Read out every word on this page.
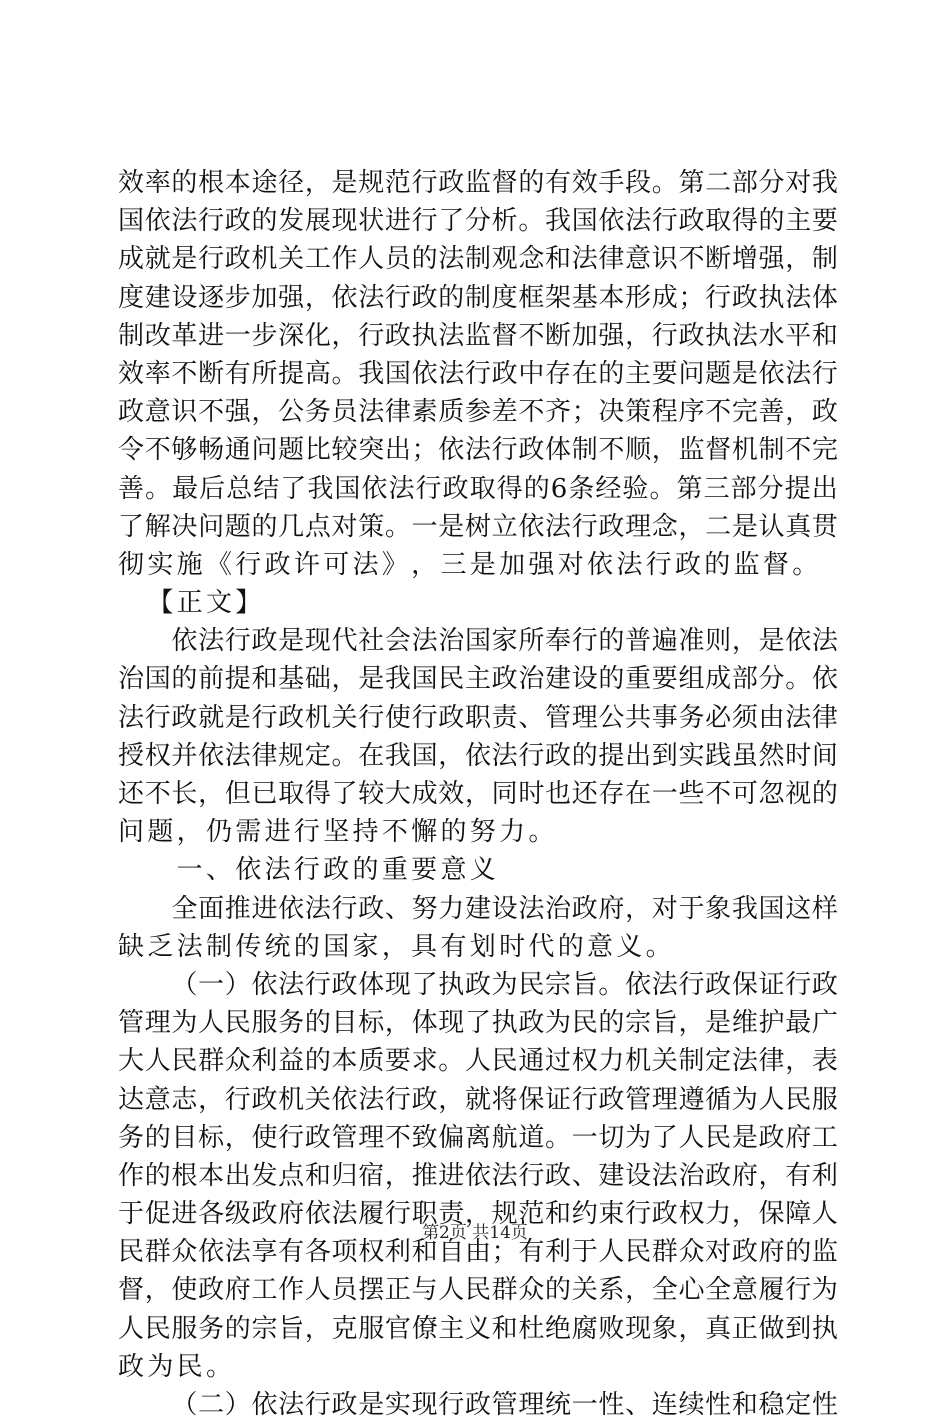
效 率 的 根 本 途 径 ， 是 规 范 行 政 监 督 的 有 效 手 段 。 第 二 部 分 对 我
国 依 法 行 政 的 发 展 现 状 进 行 了 分 析 。 我 国 依 法 行 政 取 得 的 主 要
成 就 是 行 政 机 关 工 作 人 员 的 法 制 观 念 和 法 律 意 识 不 断 增 强 ， 制
度 建 设 逐 步 加 强 ， 依 法 行 政 的 制 度 框 架 基 本 形 成 ； 行 政 执 法 体
制 改 革 进 一 步 深 化 ， 行 政 执 法 监 督 不 断 加 强 ， 行 政 执 法 水 平 和
效 率 不 断 有 所 提 高 。 我 国 依 法 行 政 中 存 在 的 主 要 问 题 是 依 法 行
政 意 识 不 强 ， 公 务 员 法 律 素 质 参 差 不 齐 ； 决 策 程 序 不 完 善 ， 政
令 不 够 畅 通 问 题 比 较 突 出 ； 依 法 行 政 体 制 不 顺 ， 监 督 机 制 不 完
善 。 最 后 总 结 了 我 国 依 法 行 政 取 得 的 6 条 经 验 。 第 三 部 分 提 出
了 解 决 问 题 的 几 点 对 策 。 一 是 树 立 依 法 行 政 理 念 ， 二 是 认 真 贯
彻 实 施 《 行 政 许 可 法 》 ， 三 是 加 强 对 依 法 行 政 的 监 督 。

【 正 文 】

依 法 行 政 是 现 代 社 会 法 治 国 家 所 奉 行 的 普 遍 准 则 ， 是 依 法
治 国 的 前 提 和 基 础 ， 是 我 国 民 主 政 治 建 设 的 重 要 组 成 部 分 。 依
法 行 政 就 是 行 政 机 关 行 使 行 政 职 责 、 管 理 公 共 事 务 必 须 由 法 律
授 权 并 依 法 律 规 定 。 在 我 国 ， 依 法 行 政 的 提 出 到 实 践 虽 然 时 间
还 不 长 ， 但 已 取 得 了 较 大 成 效 ， 同 时 也 还 存 在 一 些 不 可 忽 视 的
问 题 ， 仍 需 进 行 坚 持 不 懈 的 努 力 。

一 、 依 法 行 政 的 重 要 意 义

全 面 推 进 依 法 行 政 、 努 力 建 设 法 治 政 府 ， 对 于 象 我 国 这 样
缺 乏 法 制 传 统 的 国 家 ， 具 有 划 时 代 的 意 义 。

（ 一 ） 依 法 行 政 体 现 了 执 政 为 民 宗 旨 。 依 法 行 政 保 证 行 政
管 理 为 人 民 服 务 的 目 标 ， 体 现 了 执 政 为 民 的 宗 旨 ， 是 维 护 最 广
大 人 民 群 众 利 益 的 本 质 要 求 。 人 民 通 过 权 力 机 关 制 定 法 律 ， 表
达 意 志 ， 行 政 机 关 依 法 行 政 ， 就 将 保 证 行 政 管 理 遵 循 为 人 民 服
务 的 目 标 ， 使 行 政 管 理 不 致 偏 离 航 道 。 一 切 为 了 人 民 是 政 府 工
作 的 根 本 出 发 点 和 归 宿 ， 推 进 依 法 行 政 、 建 设 法 治 政 府 ， 有 利
于 促 进 各 级 政 府 依 法 履 行 职 责 ， 规 范 和 约 束 行 政 权 力 ， 保 障 人
民 群 众 依 法 享 有 各 项 权 利 和 自 由 ； 有 利 于 人 民 群 众 对 政 府 的 监
督 ， 使 政 府 工 作 人 员 摆 正 与 人 民 群 众 的 关 系 ， 全 心 全 意 履 行 为
人 民 服 务 的 宗 旨 ， 克 服 官 僚 主 义 和 杜 绝 腐 败 现 象 ， 真 正 做 到 执
政 为 民 。

（ 二 ） 依 法 行 政 是 实 现 行 政 管 理 统 一 性 、 连 续 性 和 稳 定 性
第2页 共14页
